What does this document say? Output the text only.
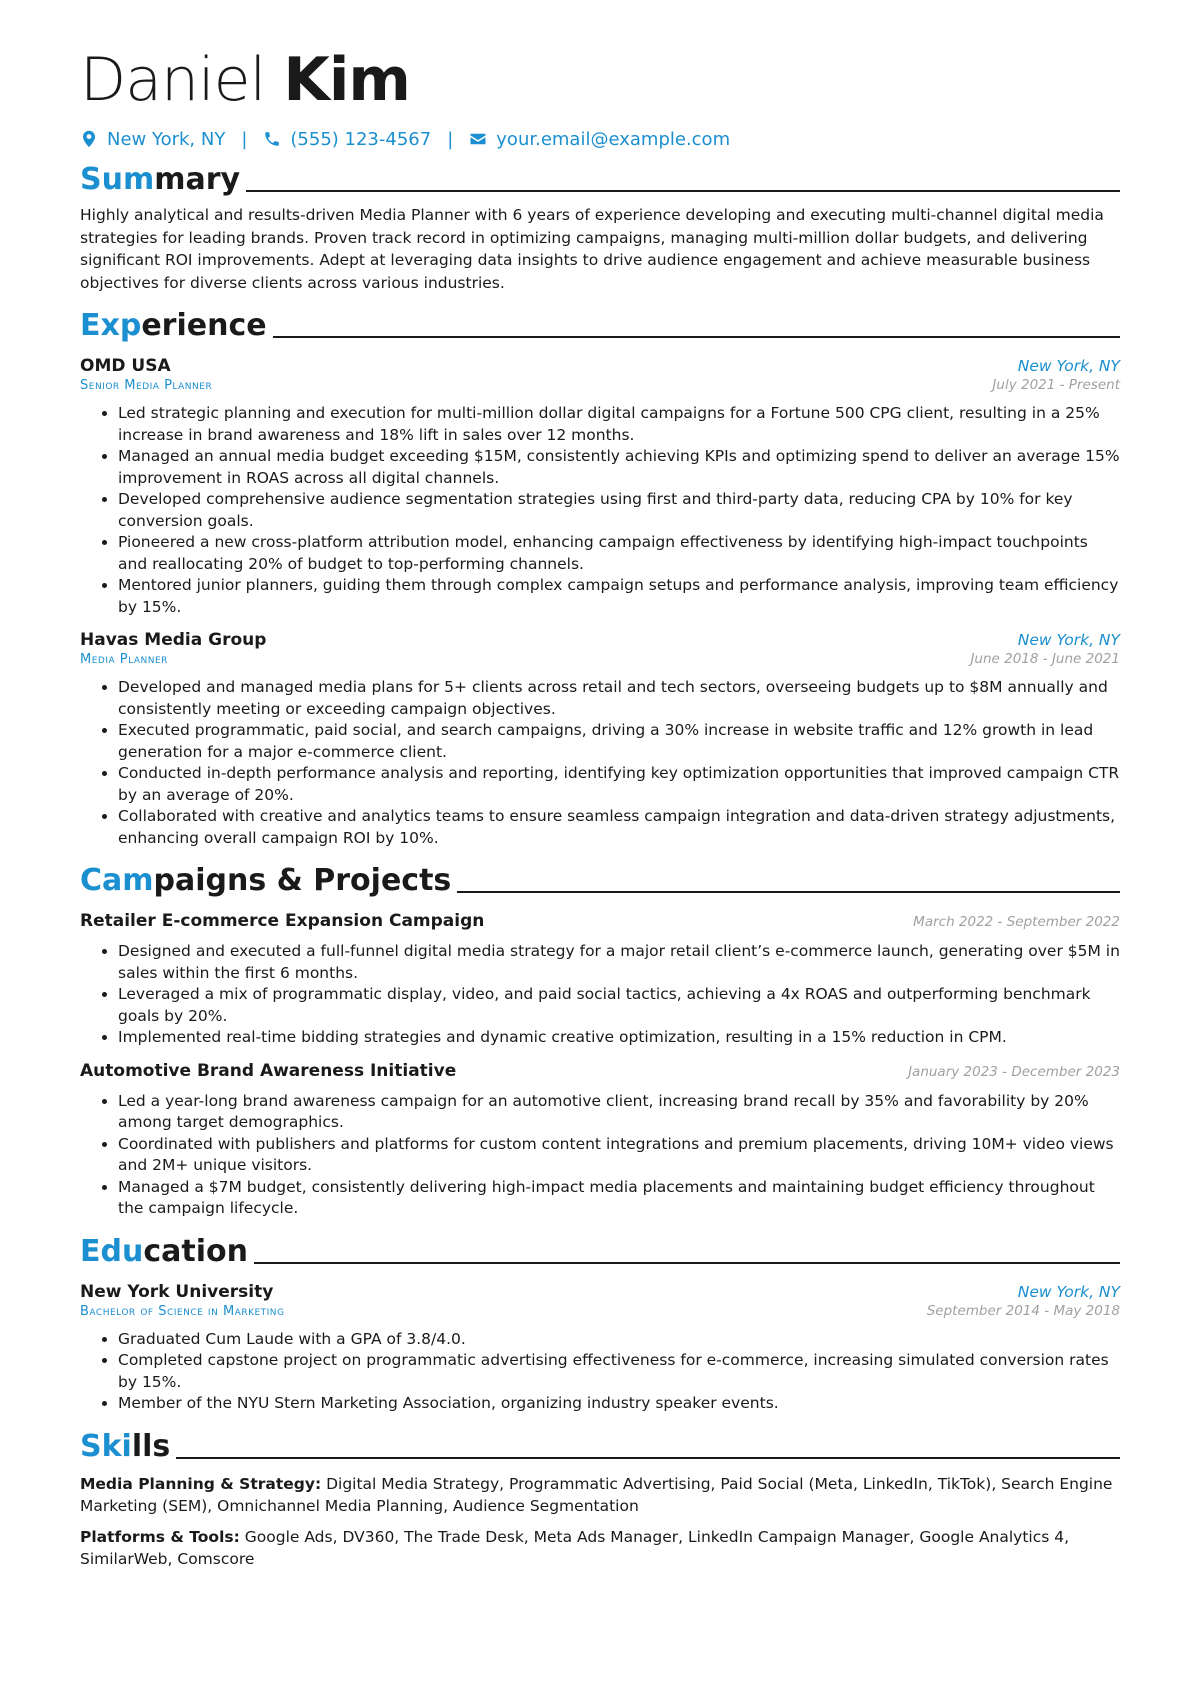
Daniel Kim
New York, NY | (555) 123-4567 | your.email@example.com
Summary
Highly analytical and results-driven Media Planner with 6 years of experience developing and executing multi-channel digital media strategies for leading brands. Proven track record in optimizing campaigns, managing multi-million dollar budgets, and delivering significant ROI improvements. Adept at leveraging data insights to drive audience engagement and achieve measurable business objectives for diverse clients across various industries.
Experience
OMD USA	New York, NY
Senior Media Planner	July 2021 - Present
• Led strategic planning and execution for multi-million dollar digital campaigns for a Fortune 500 CPG client, resulting in a 25% increase in brand awareness and 18% lift in sales over 12 months.
• Managed an annual media budget exceeding $15M, consistently achieving KPIs and optimizing spend to deliver an average 15% improvement in ROAS across all digital channels.
• Developed comprehensive audience segmentation strategies using first and third-party data, reducing CPA by 10% for key conversion goals.
• Pioneered a new cross-platform attribution model, enhancing campaign effectiveness by identifying high-impact touchpoints and reallocating 20% of budget to top-performing channels.
• Mentored junior planners, guiding them through complex campaign setups and performance analysis, improving team efficiency by 15%.
Havas Media Group	New York, NY
Media Planner	June 2018 - June 2021
• Developed and managed media plans for 5+ clients across retail and tech sectors, overseeing budgets up to $8M annually and consistently meeting or exceeding campaign objectives.
• Executed programmatic, paid social, and search campaigns, driving a 30% increase in website traffic and 12% growth in lead generation for a major e-commerce client.
• Conducted in-depth performance analysis and reporting, identifying key optimization opportunities that improved campaign CTR by an average of 20%.
• Collaborated with creative and analytics teams to ensure seamless campaign integration and data-driven strategy adjustments, enhancing overall campaign ROI by 10%.
Campaigns & Projects
Retailer E-commerce Expansion Campaign	March 2022 - September 2022
• Designed and executed a full-funnel digital media strategy for a major retail client’s e-commerce launch, generating over $5M in sales within the first 6 months.
• Leveraged a mix of programmatic display, video, and paid social tactics, achieving a 4x ROAS and outperforming benchmark goals by 20%.
• Implemented real-time bidding strategies and dynamic creative optimization, resulting in a 15% reduction in CPM.
Automotive Brand Awareness Initiative	January 2023 - December 2023
• Led a year-long brand awareness campaign for an automotive client, increasing brand recall by 35% and favorability by 20% among target demographics.
• Coordinated with publishers and platforms for custom content integrations and premium placements, driving 10M+ video views and 2M+ unique visitors.
• Managed a $7M budget, consistently delivering high-impact media placements and maintaining budget efficiency throughout the campaign lifecycle.
Education
New York University	New York, NY
Bachelor of Science in Marketing	September 2014 - May 2018
• Graduated Cum Laude with a GPA of 3.8/4.0.
• Completed capstone project on programmatic advertising effectiveness for e-commerce, increasing simulated conversion rates by 15%.
• Member of the NYU Stern Marketing Association, organizing industry speaker events.
Skills
Media Planning & Strategy: Digital Media Strategy, Programmatic Advertising, Paid Social (Meta, LinkedIn, TikTok), Search Engine Marketing (SEM), Omnichannel Media Planning, Audience Segmentation
Platforms & Tools: Google Ads, DV360, The Trade Desk, Meta Ads Manager, LinkedIn Campaign Manager, Google Analytics 4, SimilarWeb, Comscore
